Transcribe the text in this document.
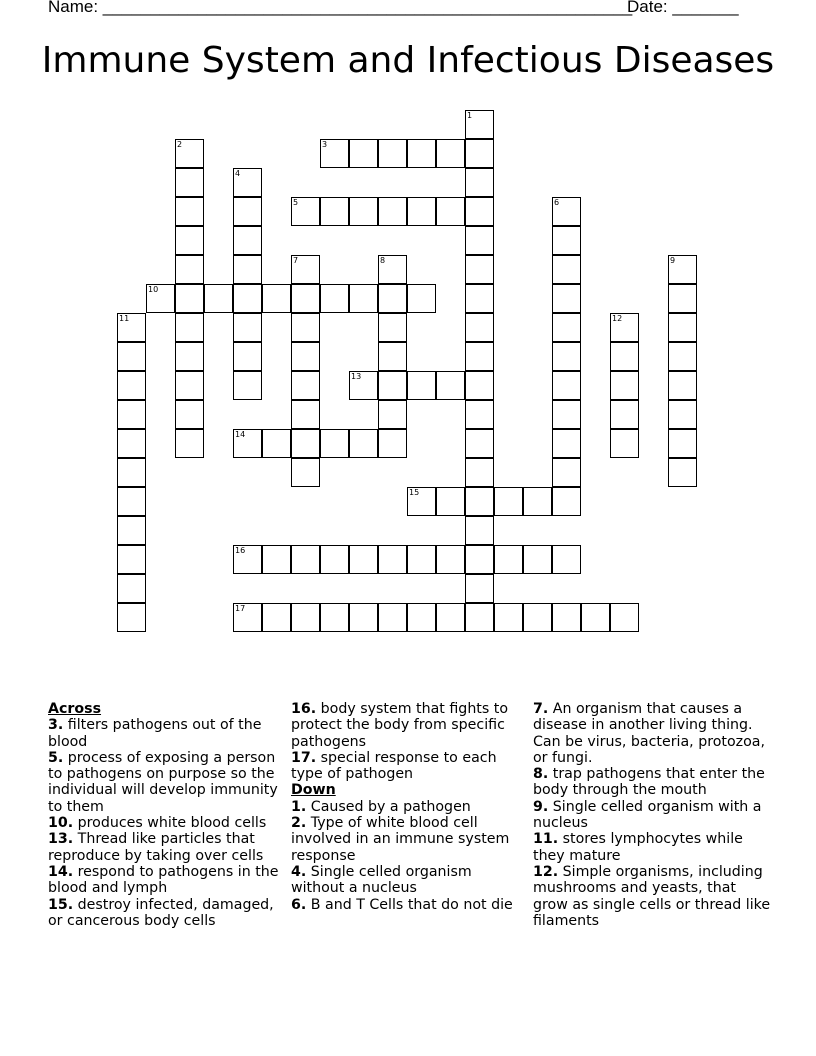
Name: ________________________________________________________
Date: _______
Immune System and Infectious Diseases
1
2	3
4
5	6
7	8	9
10
11	12
13
14
15
16
17
Across

3. filters pathogens out of the blood

5. process of exposing a person to pathogens on purpose so the individual will develop immunity to them

10. produces white blood cells

13. Thread like particles that reproduce by taking over cells

14. respond to pathogens in the blood and lymph

15. destroy infected, damaged, or cancerous body cells

16. body system that fights to protect the body from specific pathogens

17. special response to each type of pathogen

Down

1. Caused by a pathogen

2. Type of white blood cell involved in an immune system response

4. Single celled organism without a nucleus

6. B and T Cells that do not die

7. An organism that causes a disease in another living thing. Can be virus, bacteria, protozoa, or fungi.

8. trap pathogens that enter the body through the mouth

9. Single celled organism with a nucleus

11. stores lymphocytes while they mature

12. Simple organisms, including mushrooms and yeasts, that grow as single cells or thread like filaments
